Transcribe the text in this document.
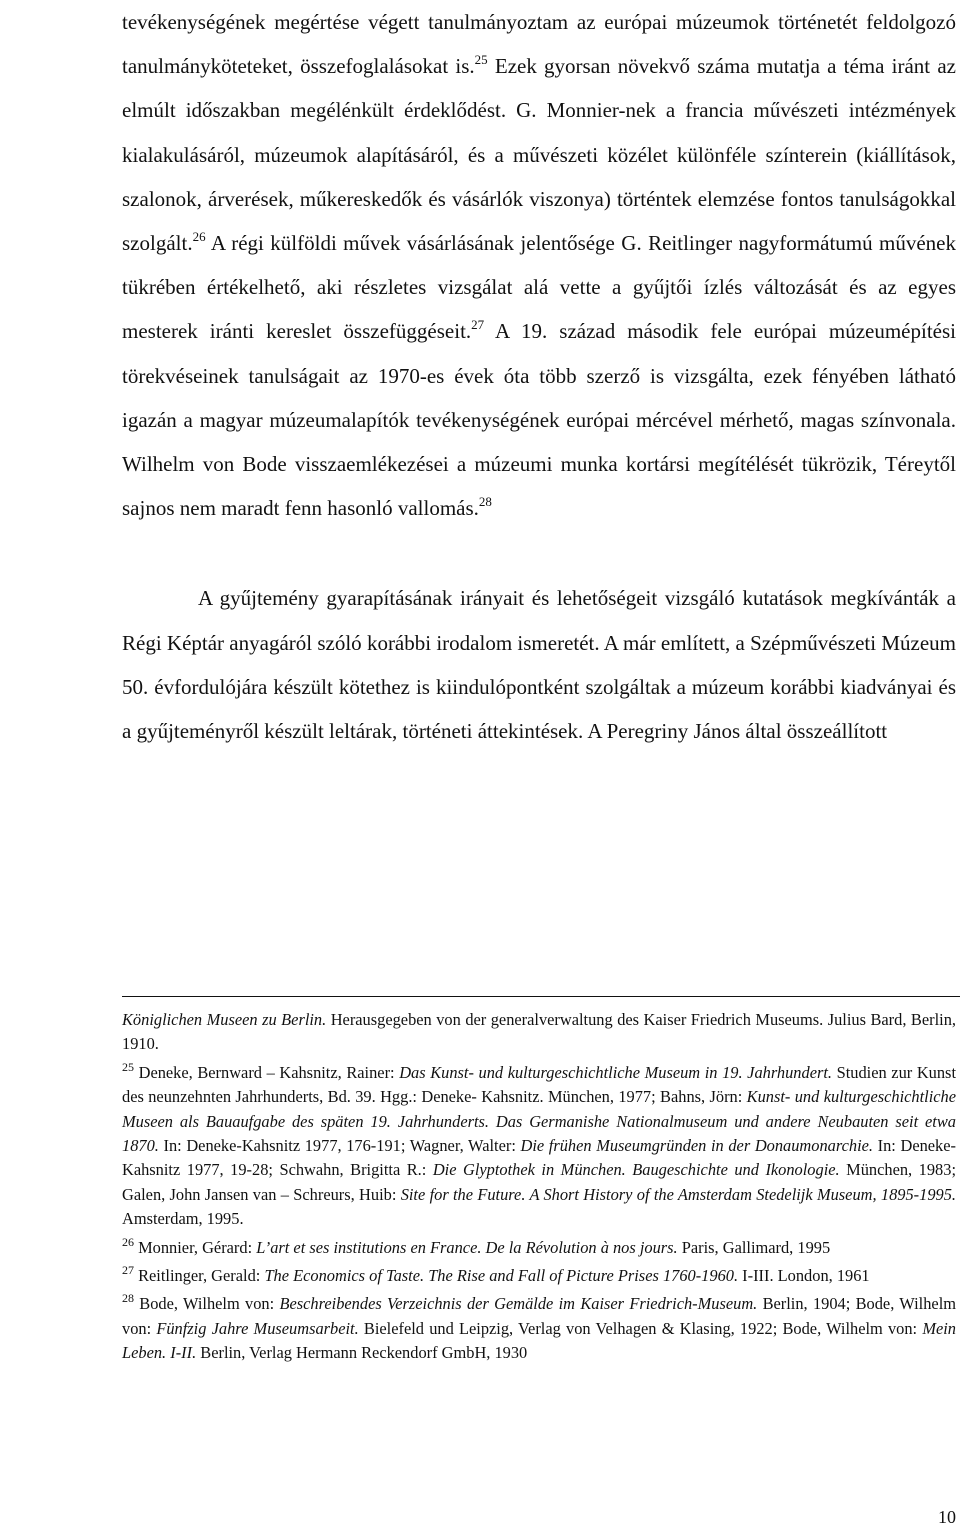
tevékenységének megértése végett tanulmányoztam az európai múzeumok történetét feldolgozó tanulmányköteteket, összefoglalásokat is.$^{25}$ Ezek gyorsan növekvő száma mutatja a téma iránt az elmúlt időszakban megélénkült érdeklődést. G. Monnier-nek a francia művészeti intézmények kialakulásáról, múzeumok alapításáról, és a művészeti közélet különféle színterein (kiállítások, szalonok, árverések, műkereskedők és vásárlók viszonya) történtek elemzése fontos tanulságokkal szolgált.$^{26}$ A régi külföldi művek vásárlásának jelentősége G. Reitlinger nagyformátumú művének tükrében értékelhető, aki részletes vizsgálat alá vette a gyűjtői ízlés változását és az egyes mesterek iránti kereslet összefüggéseit.$^{27}$ A 19. század második fele európai múzeumépítési törekvéseinek tanulságait az 1970-es évek óta több szerző is vizsgálta, ezek fényében látható igazán a magyar múzeumalapítók tevékenységének európai mércével mérhető, magas színvonala. Wilhelm von Bode visszaemlékezései a múzeumi munka kortársi megítélését tükrözik, Téreytől sajnos nem maradt fenn hasonló vallomás.$^{28}$

A gyűjtemény gyarapításának irányait és lehetőségeit vizsgáló kutatások megkívánták a Régi Képtár anyagáról szóló korábbi irodalom ismeretét. A már említett, a Szépművészeti Múzeum 50. évfordulójára készült kötethez is kiindulópontként szolgáltak a múzeum korábbi kiadványai és a gyűjteményről készült leltárak, történeti áttekintések. A Peregriny János által összeállított

Königlichen Museen zu Berlin. Herausgegeben von der generalverwaltung des Kaiser Friedrich Museums. Julius Bard, Berlin, 1910.

$^{25}$ Deneke, Bernward – Kahsnitz, Rainer: Das Kunst- und kulturgeschichtliche Museum in 19. Jahrhundert. Studien zur Kunst des neunzehnten Jahrhunderts, Bd. 39. Hgg.: Deneke- Kahsnitz. München, 1977; Bahns, Jörn: Kunst- und kulturgeschichtliche Museen als Bauaufgabe des späten 19. Jahrhunderts. Das Germanishe Nationalmuseum und andere Neubauten seit etwa 1870. In: Deneke-Kahsnitz 1977, 176-191; Wagner, Walter: Die frühen Museumgründen in der Donaumonarchie. In: Deneke-Kahsnitz 1977, 19-28; Schwahn, Brigitta R.: Die Glyptothek in München. Baugeschichte und Ikonologie. München, 1983; Galen, John Jansen van – Schreurs, Huib: Site for the Future. A Short History of the Amsterdam Stedelijk Museum, 1895-1995. Amsterdam, 1995.

$^{26}$ Monnier, Gérard: L’art et ses institutions en France. De la Révolution à nos jours. Paris, Gallimard, 1995

$^{27}$ Reitlinger, Gerald: The Economics of Taste. The Rise and Fall of Picture Prises 1760-1960. I-III. London, 1961

$^{28}$ Bode, Wilhelm von: Beschreibendes Verzeichnis der Gemälde im Kaiser Friedrich-Museum. Berlin, 1904; Bode, Wilhelm von: Fünfzig Jahre Museumsarbeit. Bielefeld und Leipzig, Verlag von Velhagen & Klasing, 1922; Bode, Wilhelm von: Mein Leben. I-II. Berlin, Verlag Hermann Reckendorf GmbH, 1930

10
